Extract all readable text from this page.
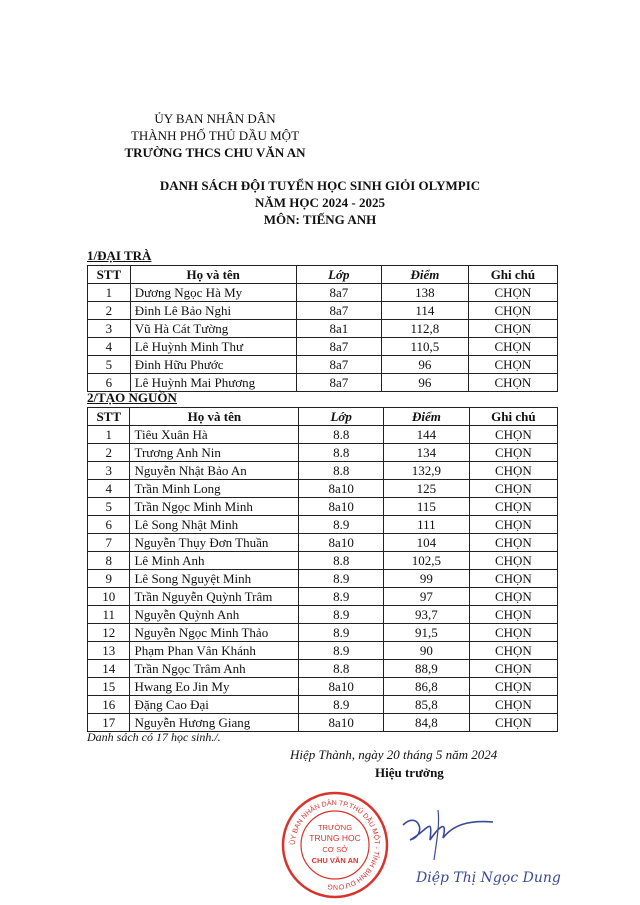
ỦY BAN NHÂN DÂN
THÀNH PHỐ THỦ DẦU MỘT
TRƯỜNG THCS CHU VĂN AN
DANH SÁCH ĐỘI TUYỂN HỌC SINH GIỎI OLYMPIC
NĂM HỌC 2024 - 2025
MÔN: TIẾNG ANH
1/ĐẠI TRÀ
STT	Họ và tên	Lớp	Điểm	Ghi chú
1	Dương Ngọc Hà My	8a7	138	CHỌN
2	Đinh Lê Bảo Nghi	8a7	114	CHỌN
3	Vũ Hà Cát Tường	8a1	112,8	CHỌN
4	Lê Huỳnh Minh Thư	8a7	110,5	CHỌN
5	Đinh Hữu Phước	8a7	96	CHỌN
6	Lê Huỳnh Mai Phương	8a7	96	CHỌN
2/TẠO NGUỒN
STT	Họ và tên	Lớp	Điểm	Ghi chú
1	Tiêu Xuân Hà	8.8	144	CHỌN
2	Trương Anh Nin	8.8	134	CHỌN
3	Nguyễn Nhật Bảo An	8.8	132,9	CHỌN
4	Trần Minh Long	8a10	125	CHỌN
5	Trần Ngọc Minh Minh	8a10	115	CHỌN
6	Lê Song Nhật Minh	8.9	111	CHỌN
7	Nguyễn Thụy Đơn Thuần	8a10	104	CHỌN
8	Lê Minh Anh	8.8	102,5	CHỌN
9	Lê Song Nguyệt Minh	8.9	99	CHỌN
10	Trần Nguyễn Quỳnh Trâm	8.9	97	CHỌN
11	Nguyễn Quỳnh Anh	8.9	93,7	CHỌN
12	Nguyễn Ngọc Minh Thảo	8.9	91,5	CHỌN
13	Phạm Phan Vân Khánh	8.9	90	CHỌN
14	Trần Ngọc Trâm Anh	8.8	88,9	CHỌN
15	Hwang Eo Jin My	8a10	86,8	CHỌN
16	Đặng Cao Đại	8.9	85,8	CHỌN
17	Nguyễn Hương Giang	8a10	84,8	CHỌN
Danh sách có 17 học sinh./.
Hiệp Thành, ngày 20 tháng 5 năm 2024
Hiệu trưởng
ỦY BAN NHÂN DÂN TP.THỦ DẦU MỘT - TỈNH BÌNH DƯƠNG
TRƯỜNG
TRUNG HỌC
CƠ SỞ
CHU VĂN AN
Diệp Thị Ngọc Dung
